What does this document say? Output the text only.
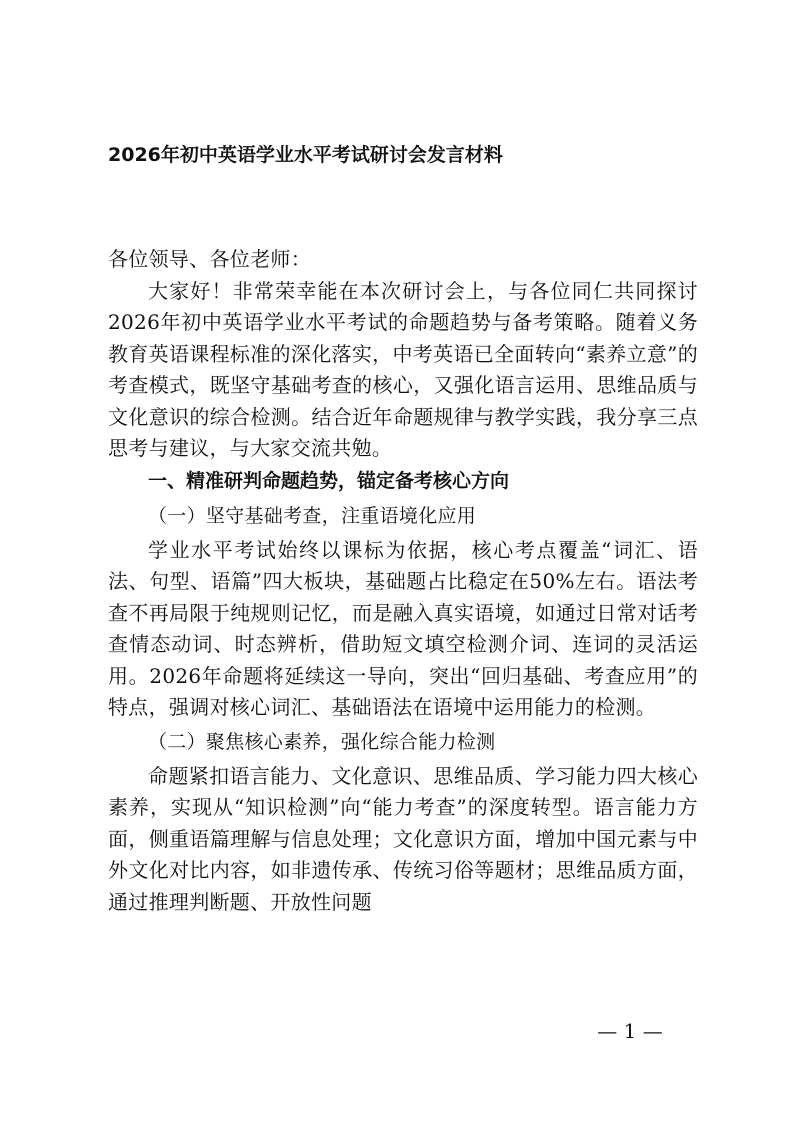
2026年初中英语学业水平考试研讨会发言材料

各位领导、各位老师：

大家好！非常荣幸能在本次研讨会上，与各位同仁共同探讨2026年初中英语学业水平考试的命题趋势与备考策略。随着义务教育英语课程标准的深化落实，中考英语已全面转向“素养立意”的考查模式，既坚守基础考查的核心，又强化语言运用、思维品质与文化意识的综合检测。结合近年命题规律与教学实践，我分享三点思考与建议，与大家交流共勉。

一、精准研判命题趋势，锚定备考核心方向

（一）坚守基础考查，注重语境化应用

学业水平考试始终以课标为依据，核心考点覆盖“词汇、语法、句型、语篇”四大板块，基础题占比稳定在50%左右。语法考查不再局限于纯规则记忆，而是融入真实语境，如通过日常对话考查情态动词、时态辨析，借助短文填空检测介词、连词的灵活运用。2026年命题将延续这一导向，突出“回归基础、考查应用”的特点，强调对核心词汇、基础语法在语境中运用能力的检测。

（二）聚焦核心素养，强化综合能力检测

命题紧扣语言能力、文化意识、思维品质、学习能力四大核心素养，实现从“知识检测”向“能力考查”的深度转型。语言能力方面，侧重语篇理解与信息处理；文化意识方面，增加中国元素与中外文化对比内容，如非遗传承、传统习俗等题材；思维品质方面，通过推理判断题、开放性问题

— 1 —
